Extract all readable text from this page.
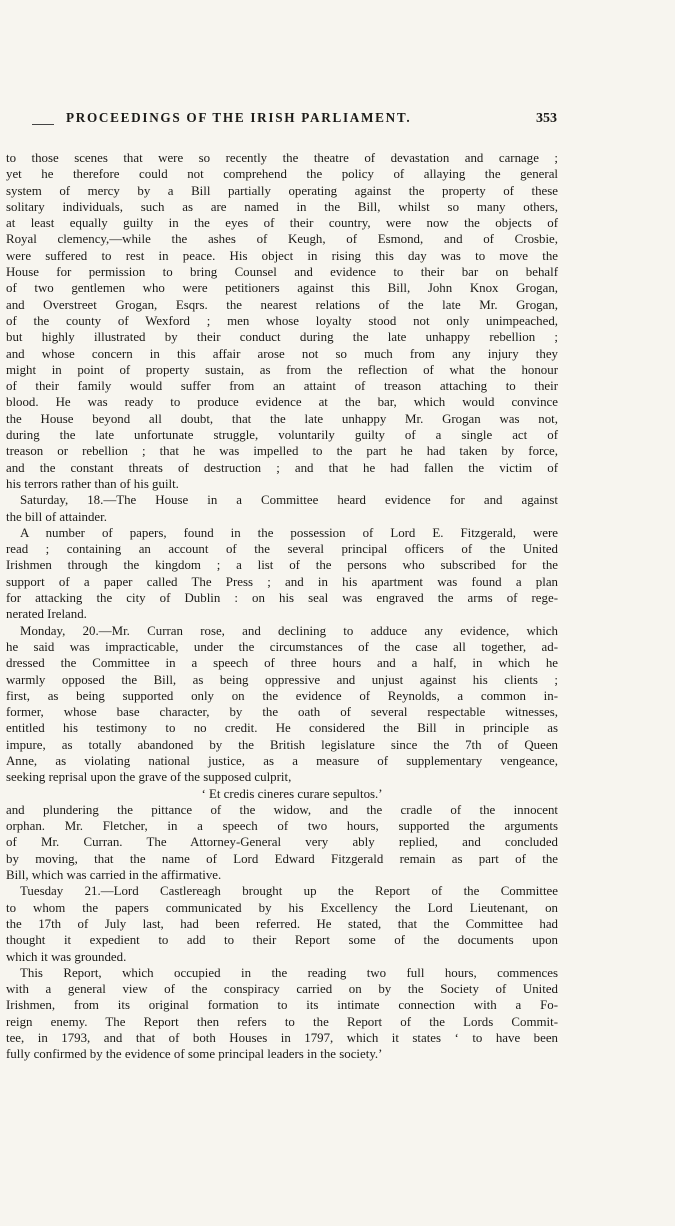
PROCEEDINGS OF THE IRISH PARLIAMENT.	353
to those scenes that were so recently the theatre of devastation and carnage ;
yet he therefore could not comprehend the policy of allaying the general
system of mercy by a Bill partially operating against the property of these
solitary individuals, such as are named in the Bill, whilst so many others,
at least equally guilty in the eyes of their country, were now the objects of
Royal clemency,—while the ashes of Keugh, of Esmond, and of Crosbie,
were suffered to rest in peace. His object in rising this day was to move the
House for permission to bring Counsel and evidence to their bar on behalf
of two gentlemen who were petitioners against this Bill, John Knox Grogan,
and Overstreet Grogan, Esqrs. the nearest relations of the late Mr. Grogan,
of the county of Wexford ; men whose loyalty stood not only unimpeached,
but highly illustrated by their conduct during the late unhappy rebellion ;
and whose concern in this affair arose not so much from any injury they
might in point of property sustain, as from the reflection of what the honour
of their family would suffer from an attaint of treason attaching to their
blood. He was ready to produce evidence at the bar, which would convince
the House beyond all doubt, that the late unhappy Mr. Grogan was not,
during the late unfortunate struggle, voluntarily guilty of a single act of
treason or rebellion ; that he was impelled to the part he had taken by force,
and the constant threats of destruction ; and that he had fallen the victim of
his terrors rather than of his guilt.
Saturday, 18.—The House in a Committee heard evidence for and against
the bill of attainder.
A number of papers, found in the possession of Lord E. Fitzgerald, were
read ; containing an account of the several principal officers of the United
Irishmen through the kingdom ; a list of the persons who subscribed for the
support of a paper called The Press ; and in his apartment was found a plan
for attacking the city of Dublin : on his seal was engraved the arms of rege-
nerated Ireland.
Monday, 20.—Mr. Curran rose, and declining to adduce any evidence, which
he said was impracticable, under the circumstances of the case all together, ad-
dressed the Committee in a speech of three hours and a half, in which he
warmly opposed the Bill, as being oppressive and unjust against his clients ;
first, as being supported only on the evidence of Reynolds, a common in-
former, whose base character, by the oath of several respectable witnesses,
entitled his testimony to no credit. He considered the Bill in principle as
impure, as totally abandoned by the British legislature since the 7th of Queen
Anne, as violating national justice, as a measure of supplementary vengeance,
seeking reprisal upon the grave of the supposed culprit,
‘ Et credis cineres curare sepultos.’
and plundering the pittance of the widow, and the cradle of the innocent
orphan. Mr. Fletcher, in a speech of two hours, supported the arguments
of Mr. Curran. The Attorney-General very ably replied, and concluded
by moving, that the name of Lord Edward Fitzgerald remain as part of the
Bill, which was carried in the affirmative.
Tuesday 21.—Lord Castlereagh brought up the Report of the Committee
to whom the papers communicated by his Excellency the Lord Lieutenant, on
the 17th of July last, had been referred. He stated, that the Committee had
thought it expedient to add to their Report some of the documents upon
which it was grounded.
This Report, which occupied in the reading two full hours, commences
with a general view of the conspiracy carried on by the Society of United
Irishmen, from its original formation to its intimate connection with a Fo-
reign enemy. The Report then refers to the Report of the Lords Commit-
tee, in 1793, and that of both Houses in 1797, which it states ‘ to have been
fully confirmed by the evidence of some principal leaders in the society.’
